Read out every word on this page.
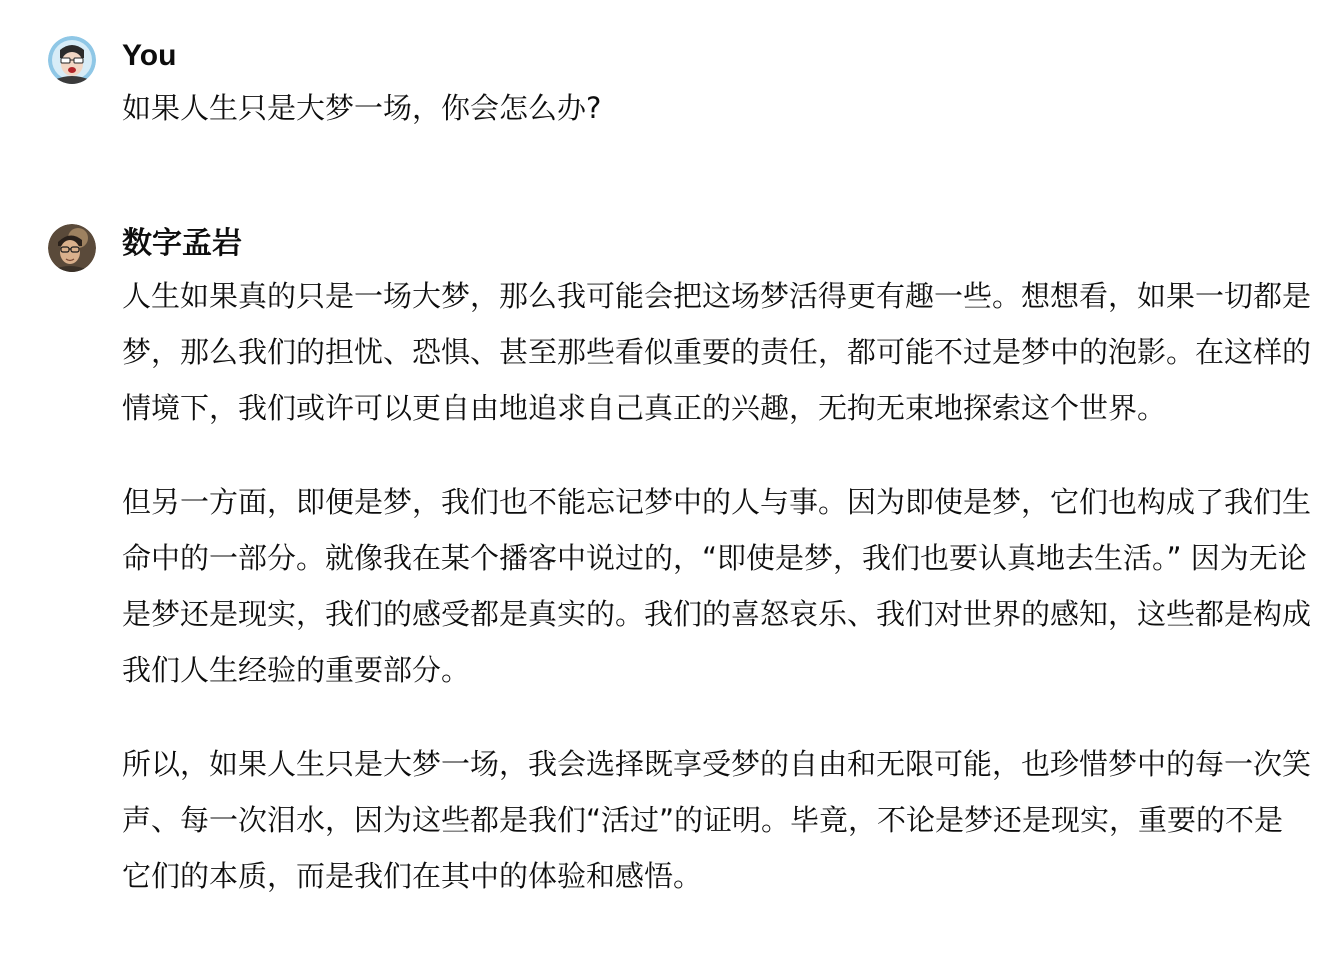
You

如果人生只是大梦一场，你会怎么办?

数字孟岩

人生如果真的只是一场大梦，那么我可能会把这场梦活得更有趣一些。想想看，如果一切都是梦，那么我们的担忧、恐惧、甚至那些看似重要的责任，都可能不过是梦中的泡影。在这样的情境下，我们或许可以更自由地追求自己真正的兴趣，无拘无束地探索这个世界。

但另一方面，即便是梦，我们也不能忘记梦中的人与事。因为即使是梦，它们也构成了我们生命中的一部分。就像我在某个播客中说过的，“即使是梦，我们也要认真地去生活。” 因为无论是梦还是现实，我们的感受都是真实的。我们的喜怒哀乐、我们对世界的感知，这些都是构成我们人生经验的重要部分。

所以，如果人生只是大梦一场，我会选择既享受梦的自由和无限可能，也珍惜梦中的每一次笑声、每一次泪水，因为这些都是我们“活过”的证明。毕竟，不论是梦还是现实，重要的不是它们的本质，而是我们在其中的体验和感悟。
